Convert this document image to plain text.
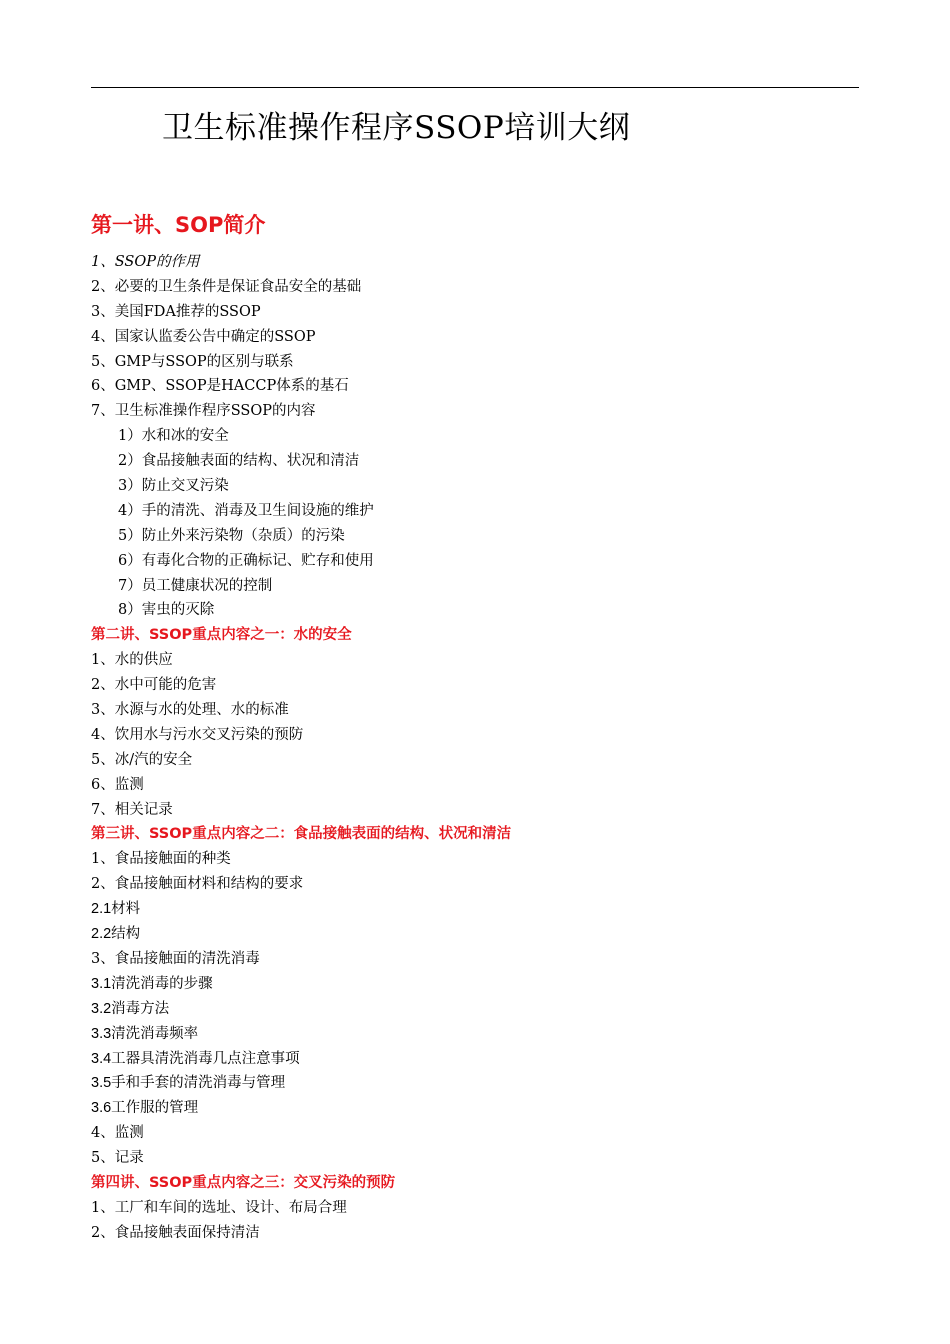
卫生标准操作程序SSOP培训大纲
第一讲、SOP简介
1、SSOP的作用
2、必要的卫生条件是保证食品安全的基础
3、美国FDA推荐的SSOP
4、国家认监委公告中确定的SSOP
5、GMP与SSOP的区别与联系
6、GMP、SSOP是HACCP体系的基石
7、卫生标准操作程序SSOP的内容
1）水和冰的安全
2）食品接触表面的结构、状况和清洁
3）防止交叉污染
4）手的清洗、消毒及卫生间设施的维护
5）防止外来污染物（杂质）的污染
6）有毒化合物的正确标记、贮存和使用
7）员工健康状况的控制
8）害虫的灭除
第二讲、SSOP重点内容之一：水的安全
1、水的供应
2、水中可能的危害
3、水源与水的处理、水的标准
4、饮用水与污水交叉污染的预防
5、冰/汽的安全
6、监测
7、相关记录
第三讲、SSOP重点内容之二：食品接触表面的结构、状况和清洁
1、食品接触面的种类
2、食品接触面材料和结构的要求
2.1材料
2.2结构
3、食品接触面的清洗消毒
3.1清洗消毒的步骤
3.2消毒方法
3.3清洗消毒频率
3.4工器具清洗消毒几点注意事项
3.5手和手套的清洗消毒与管理
3.6工作服的管理
4、监测
5、记录
第四讲、SSOP重点内容之三：交叉污染的预防
1、工厂和车间的选址、设计、布局合理
2、食品接触表面保持清洁
